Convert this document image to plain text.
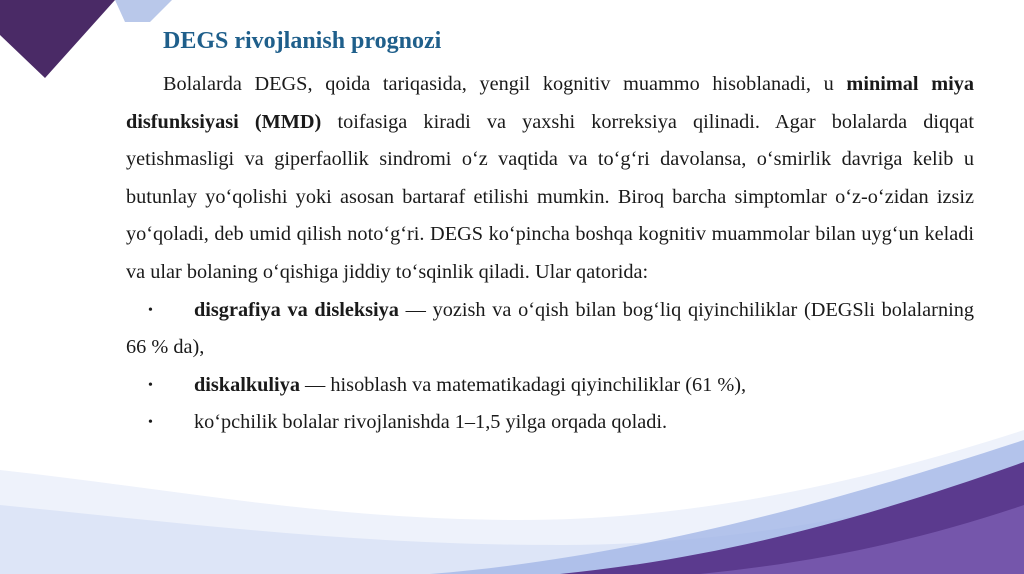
DEGS rivojlanish prognozi
Bolalarda DEGS, qoida tariqasida, yengil kognitiv muammo hisoblanadi, u minimal miya disfunksiyasi (MMD) toifasiga kiradi va yaxshi korreksiya qilinadi. Agar bolalarda diqqat yetishmasligi va giperfaollik sindromi o‘z vaqtida va to‘g‘ri davolansa, o‘smirlik davriga kelib u butunlay yo‘qolishi yoki asosan bartaraf etilishi mumkin. Biroq barcha simptomlar o‘z-o‘zidan izsiz yo‘qoladi, deb umid qilish noto‘g‘ri. DEGS ko‘pincha boshqa kognitiv muammolar bilan uyg‘un keladi va ular bolaning o‘qishiga jiddiy to‘sqinlik qiladi. Ular qatorida:
• disgrafiya va disleksiya — yozish va o‘qish bilan bog‘liq qiyinchiliklar (DEGSli bolalarning 66 % da),
• diskalkuliya — hisoblash va matematikadagi qiyinchiliklar (61 %),
• ko‘pchilik bolalar rivojlanishda 1–1,5 yilga orqada qoladi.
